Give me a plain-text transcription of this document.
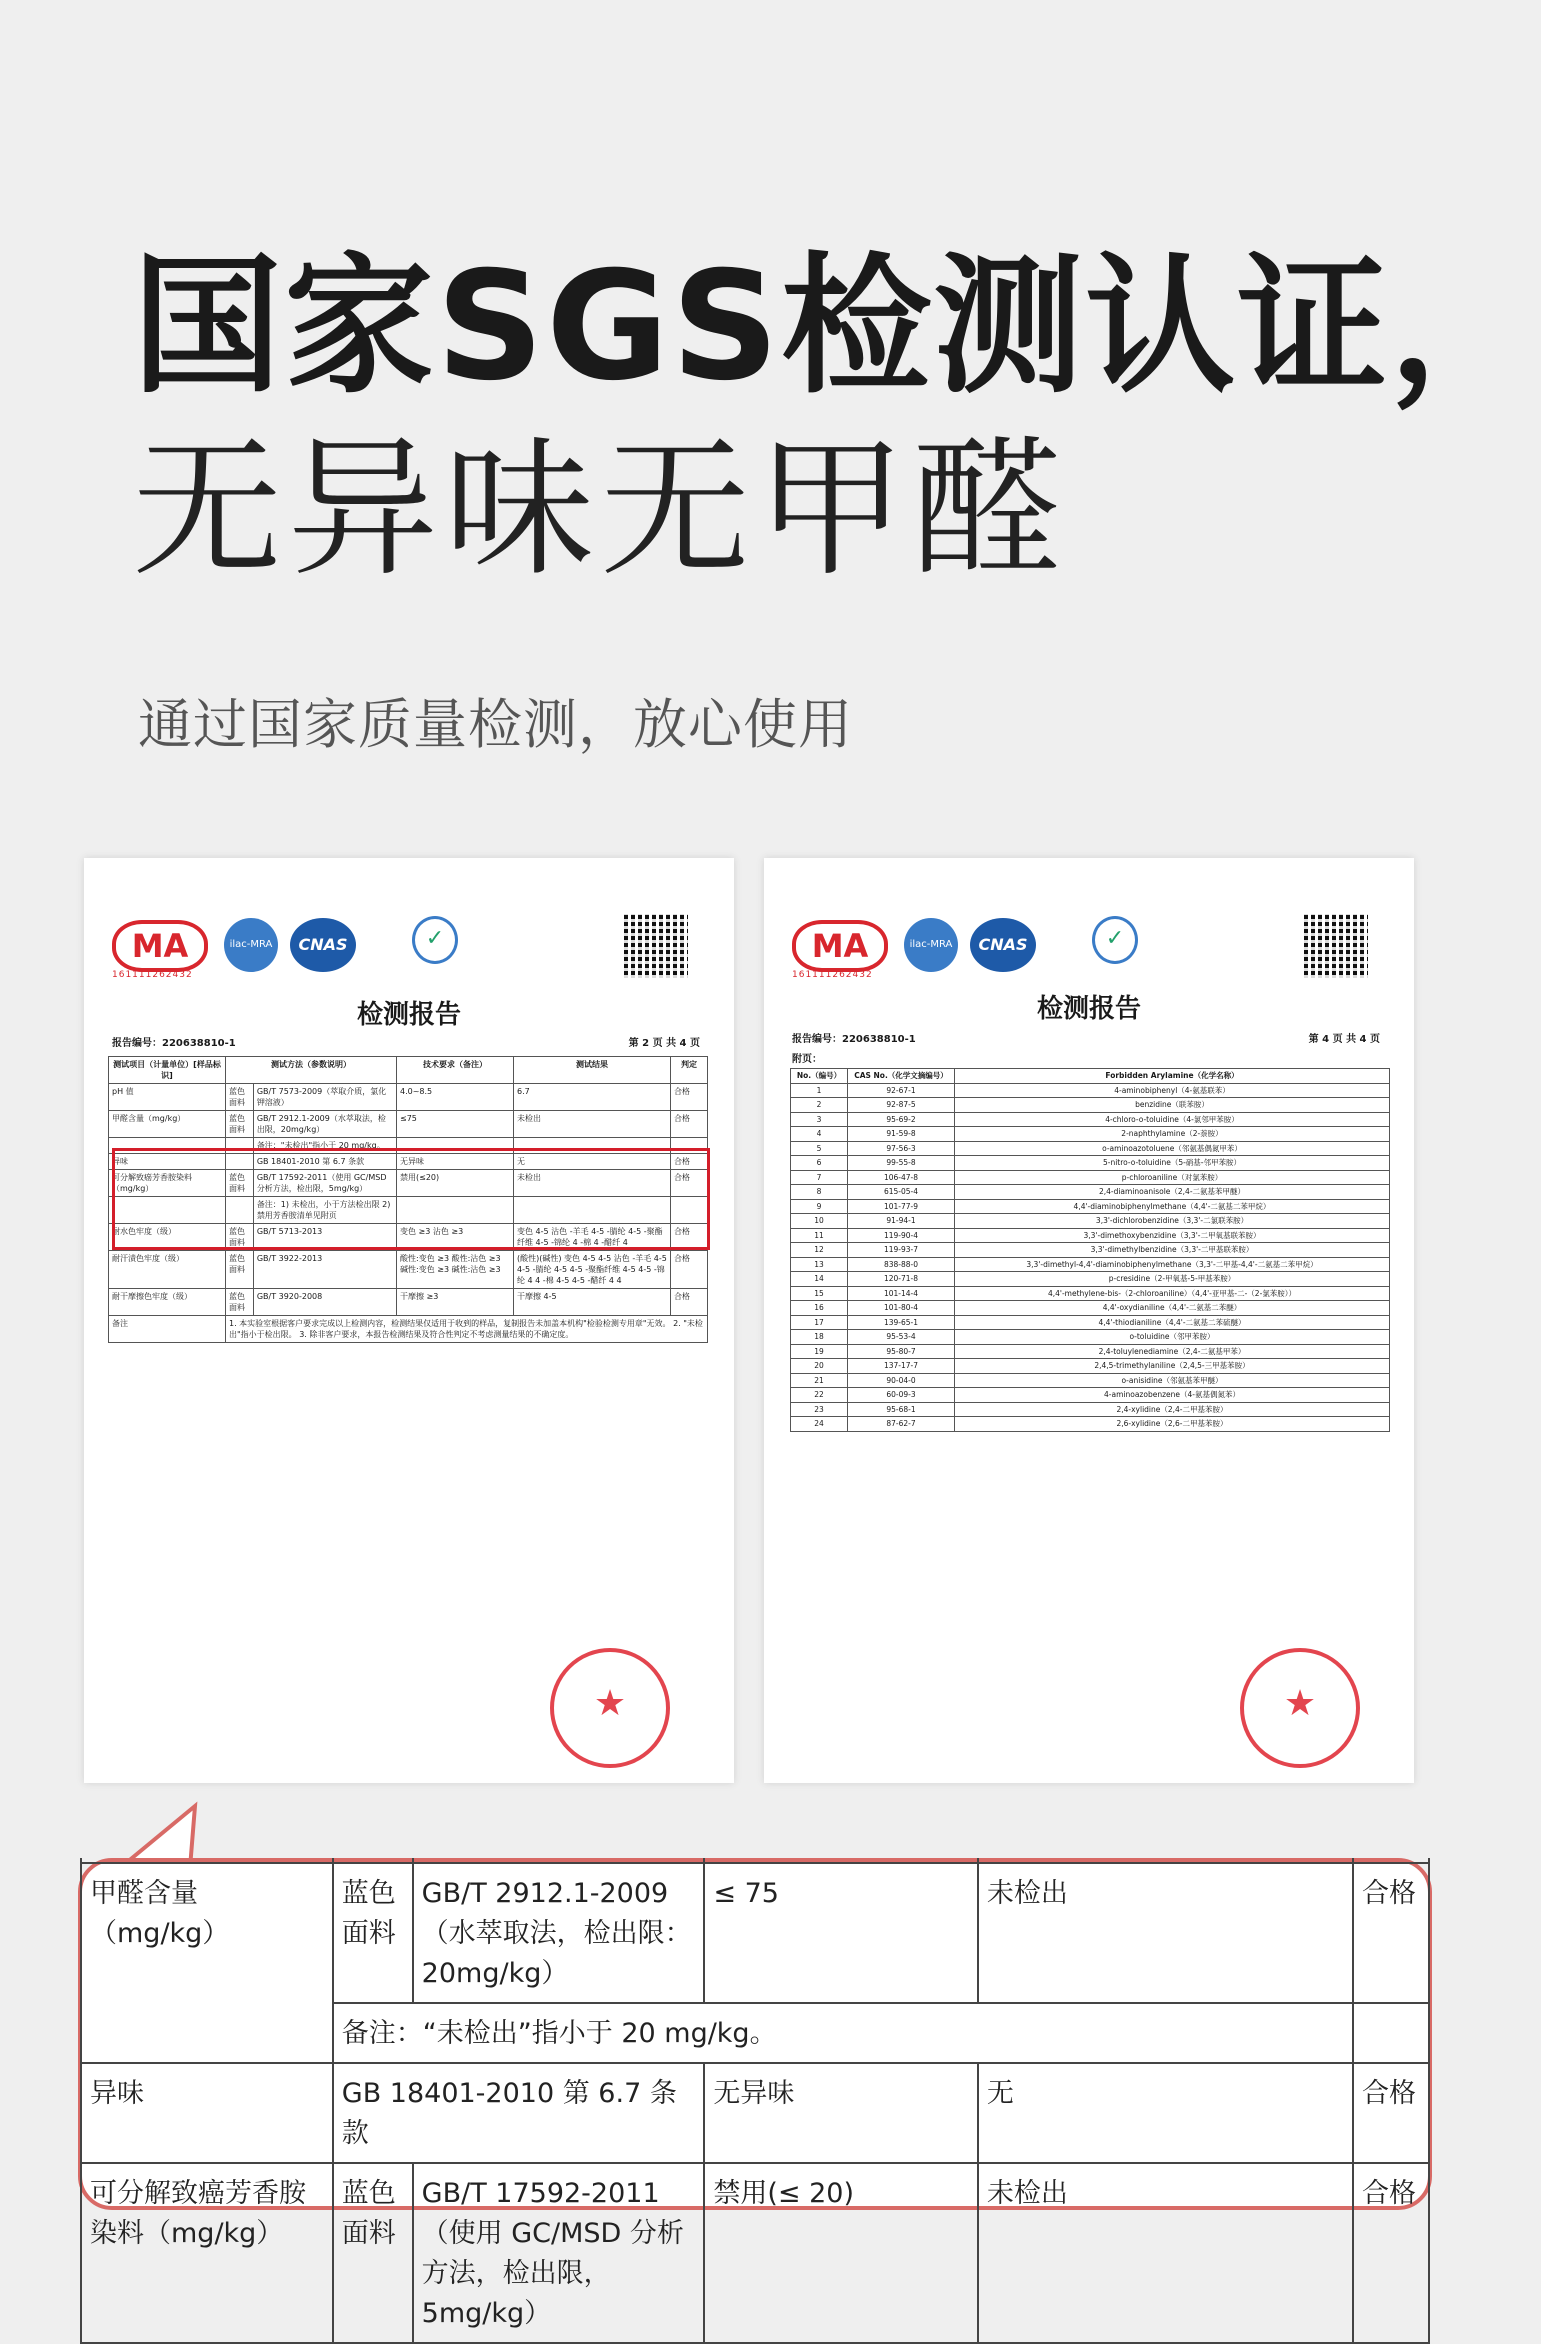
国家SGS检测认证，
无异味无甲醛
通过国家质量检测，放心使用
MA
161111262432
ilac-MRA	CNAS	✓
检测报告
报告编号：220638810-1	第 2 页 共 4 页
测试项目（计量单位）[样品标识]	测试方法（参数说明）		技术要求（备注）	测试结果	判定
pH 值	蓝色面料	GB/T 7573-2009（萃取介质，氯化钾溶液）	4.0~8.5	6.7	合格
甲醛含量（mg/kg）	蓝色面料	GB/T 2912.1-2009（水萃取法，检出限，20mg/kg）	≤75	未检出	合格
		备注："未检出"指小于 20 mg/kg。			
异味		GB 18401-2010 第 6.7 条款	无异味	无	合格
可分解致癌芳香胺染料（mg/kg）	蓝色面料	GB/T 17592-2011（使用 GC/MSD 分析方法，检出限，5mg/kg）	禁用(≤20)	未检出	合格
		备注：1) 未检出，小于方法检出限 2) 禁用芳香胺清单见附页			
耐水色牢度（级）	蓝色面料	GB/T 5713-2013	变色 ≥3 沾色 ≥3	变色 4-5 沾色 -羊毛 4-5 -腈纶 4-5 -聚酯纤维 4-5 -锦纶 4 -棉 4 -醋纤 4	合格
耐汗渍色牢度（级）	蓝色面料	GB/T 3922-2013	酸性:变色 ≥3 酸性:沾色 ≥3 碱性:变色 ≥3 碱性:沾色 ≥3	(酸性)(碱性) 变色 4-5 4-5 沾色 -羊毛 4-5 4-5 -腈纶 4-5 4-5 -聚酯纤维 4-5 4-5 -锦纶 4 4 -棉 4-5 4-5 -醋纤 4 4	合格
耐干摩擦色牢度（级）	蓝色面料	GB/T 3920-2008	干摩擦 ≥3	干摩擦 4-5	合格
备注	1. 本实验室根据客户要求完成以上检测内容，检测结果仅适用于收到的样品，复制报告未加盖本机构"检验检测专用章"无效。 2. "未检出"指小于检出限。 3. 除非客户要求，本报告检测结果及符合性判定不考虑测量结果的不确定度。				
★
MA
161111262432
ilac-MRA	CNAS	✓
检测报告
报告编号：220638810-1	第 4 页 共 4 页
附页：
No.（编号）	CAS No.（化学文摘编号）	Forbidden Arylamine（化学名称）
1	92-67-1	4-aminobiphenyl（4-氨基联苯）
2	92-87-5	benzidine（联苯胺）
3	95-69-2	4-chloro-o-toluidine（4-氯邻甲苯胺）
4	91-59-8	2-naphthylamine（2-萘胺）
5	97-56-3	o-aminoazotoluene（邻氨基偶氮甲苯）
6	99-55-8	5-nitro-o-toluidine（5-硝基-邻甲苯胺）
7	106-47-8	p-chloroaniline（对氯苯胺）
8	615-05-4	2,4-diaminoanisole（2,4-二氨基苯甲醚）
9	101-77-9	4,4'-diaminobiphenylmethane（4,4'-二氨基二苯甲烷）
10	91-94-1	3,3'-dichlorobenzidine（3,3'-二氯联苯胺）
11	119-90-4	3,3'-dimethoxybenzidine（3,3'-二甲氧基联苯胺）
12	119-93-7	3,3'-dimethylbenzidine（3,3'-二甲基联苯胺）
13	838-88-0	3,3'-dimethyl-4,4'-diaminobiphenylmethane（3,3'-二甲基-4,4'-二氨基二苯甲烷）
14	120-71-8	p-cresidine（2-甲氧基-5-甲基苯胺）
15	101-14-4	4,4'-methylene-bis-（2-chloroaniline）（4,4'-亚甲基-二-（2-氯苯胺））
16	101-80-4	4,4'-oxydianiline（4,4'-二氨基二苯醚）
17	139-65-1	4,4'-thiodianiline（4,4'-二氨基二苯硫醚）
18	95-53-4	o-toluidine（邻甲苯胺）
19	95-80-7	2,4-toluylenediamine（2,4-二氨基甲苯）
20	137-17-7	2,4,5-trimethylaniline（2,4,5-三甲基苯胺）
21	90-04-0	o-anisidine（邻氨基苯甲醚）
22	60-09-3	4-aminoazobenzene（4-氨基偶氮苯）
23	95-68-1	2,4-xylidine（2,4-二甲基苯胺）
24	87-62-7	2,6-xylidine（2,6-二甲基苯胺）
★

甲醛含量（mg/kg）	蓝色面料	GB/T 2912.1-2009（水萃取法，检出限：20mg/kg）	≤ 75	未检出	合格
	备注：“未检出”指小于 20 mg/kg。				
异味	GB 18401-2010 第 6.7 条款		无异味	无	合格
可分解致癌芳香胺染料（mg/kg）	蓝色面料	GB/T 17592-2011（使用 GC/MSD 分析方法，检出限，5mg/kg）	禁用(≤ 20)	未检出	合格
